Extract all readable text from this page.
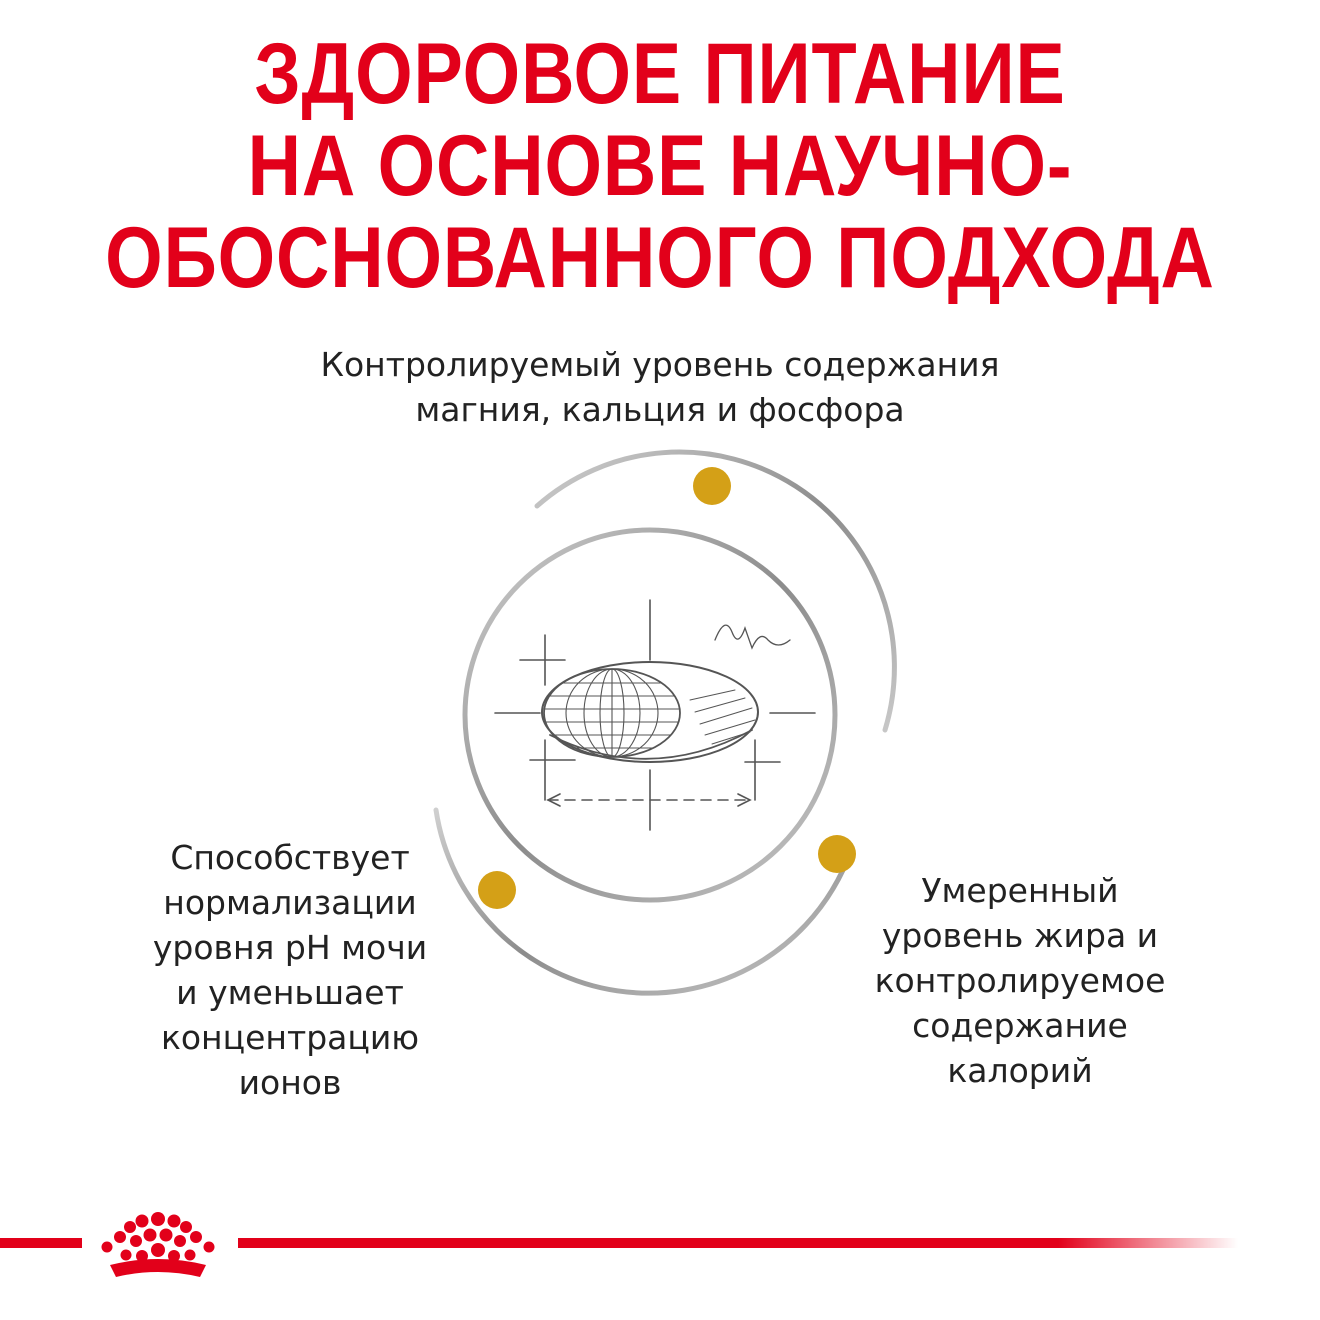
ЗДОРОВОЕ ПИТАНИЕ
НА ОСНОВЕ НАУЧНО-
ОБОСНОВАННОГО ПОДХОДА
Контролируемый уровень содержания
магния, кальция и фосфора
Способствует
нормализации
уровня pH мочи
и уменьшает
концентрацию
ионов
Умеренный
уровень жира и
контролируемое
содержание
калорий
